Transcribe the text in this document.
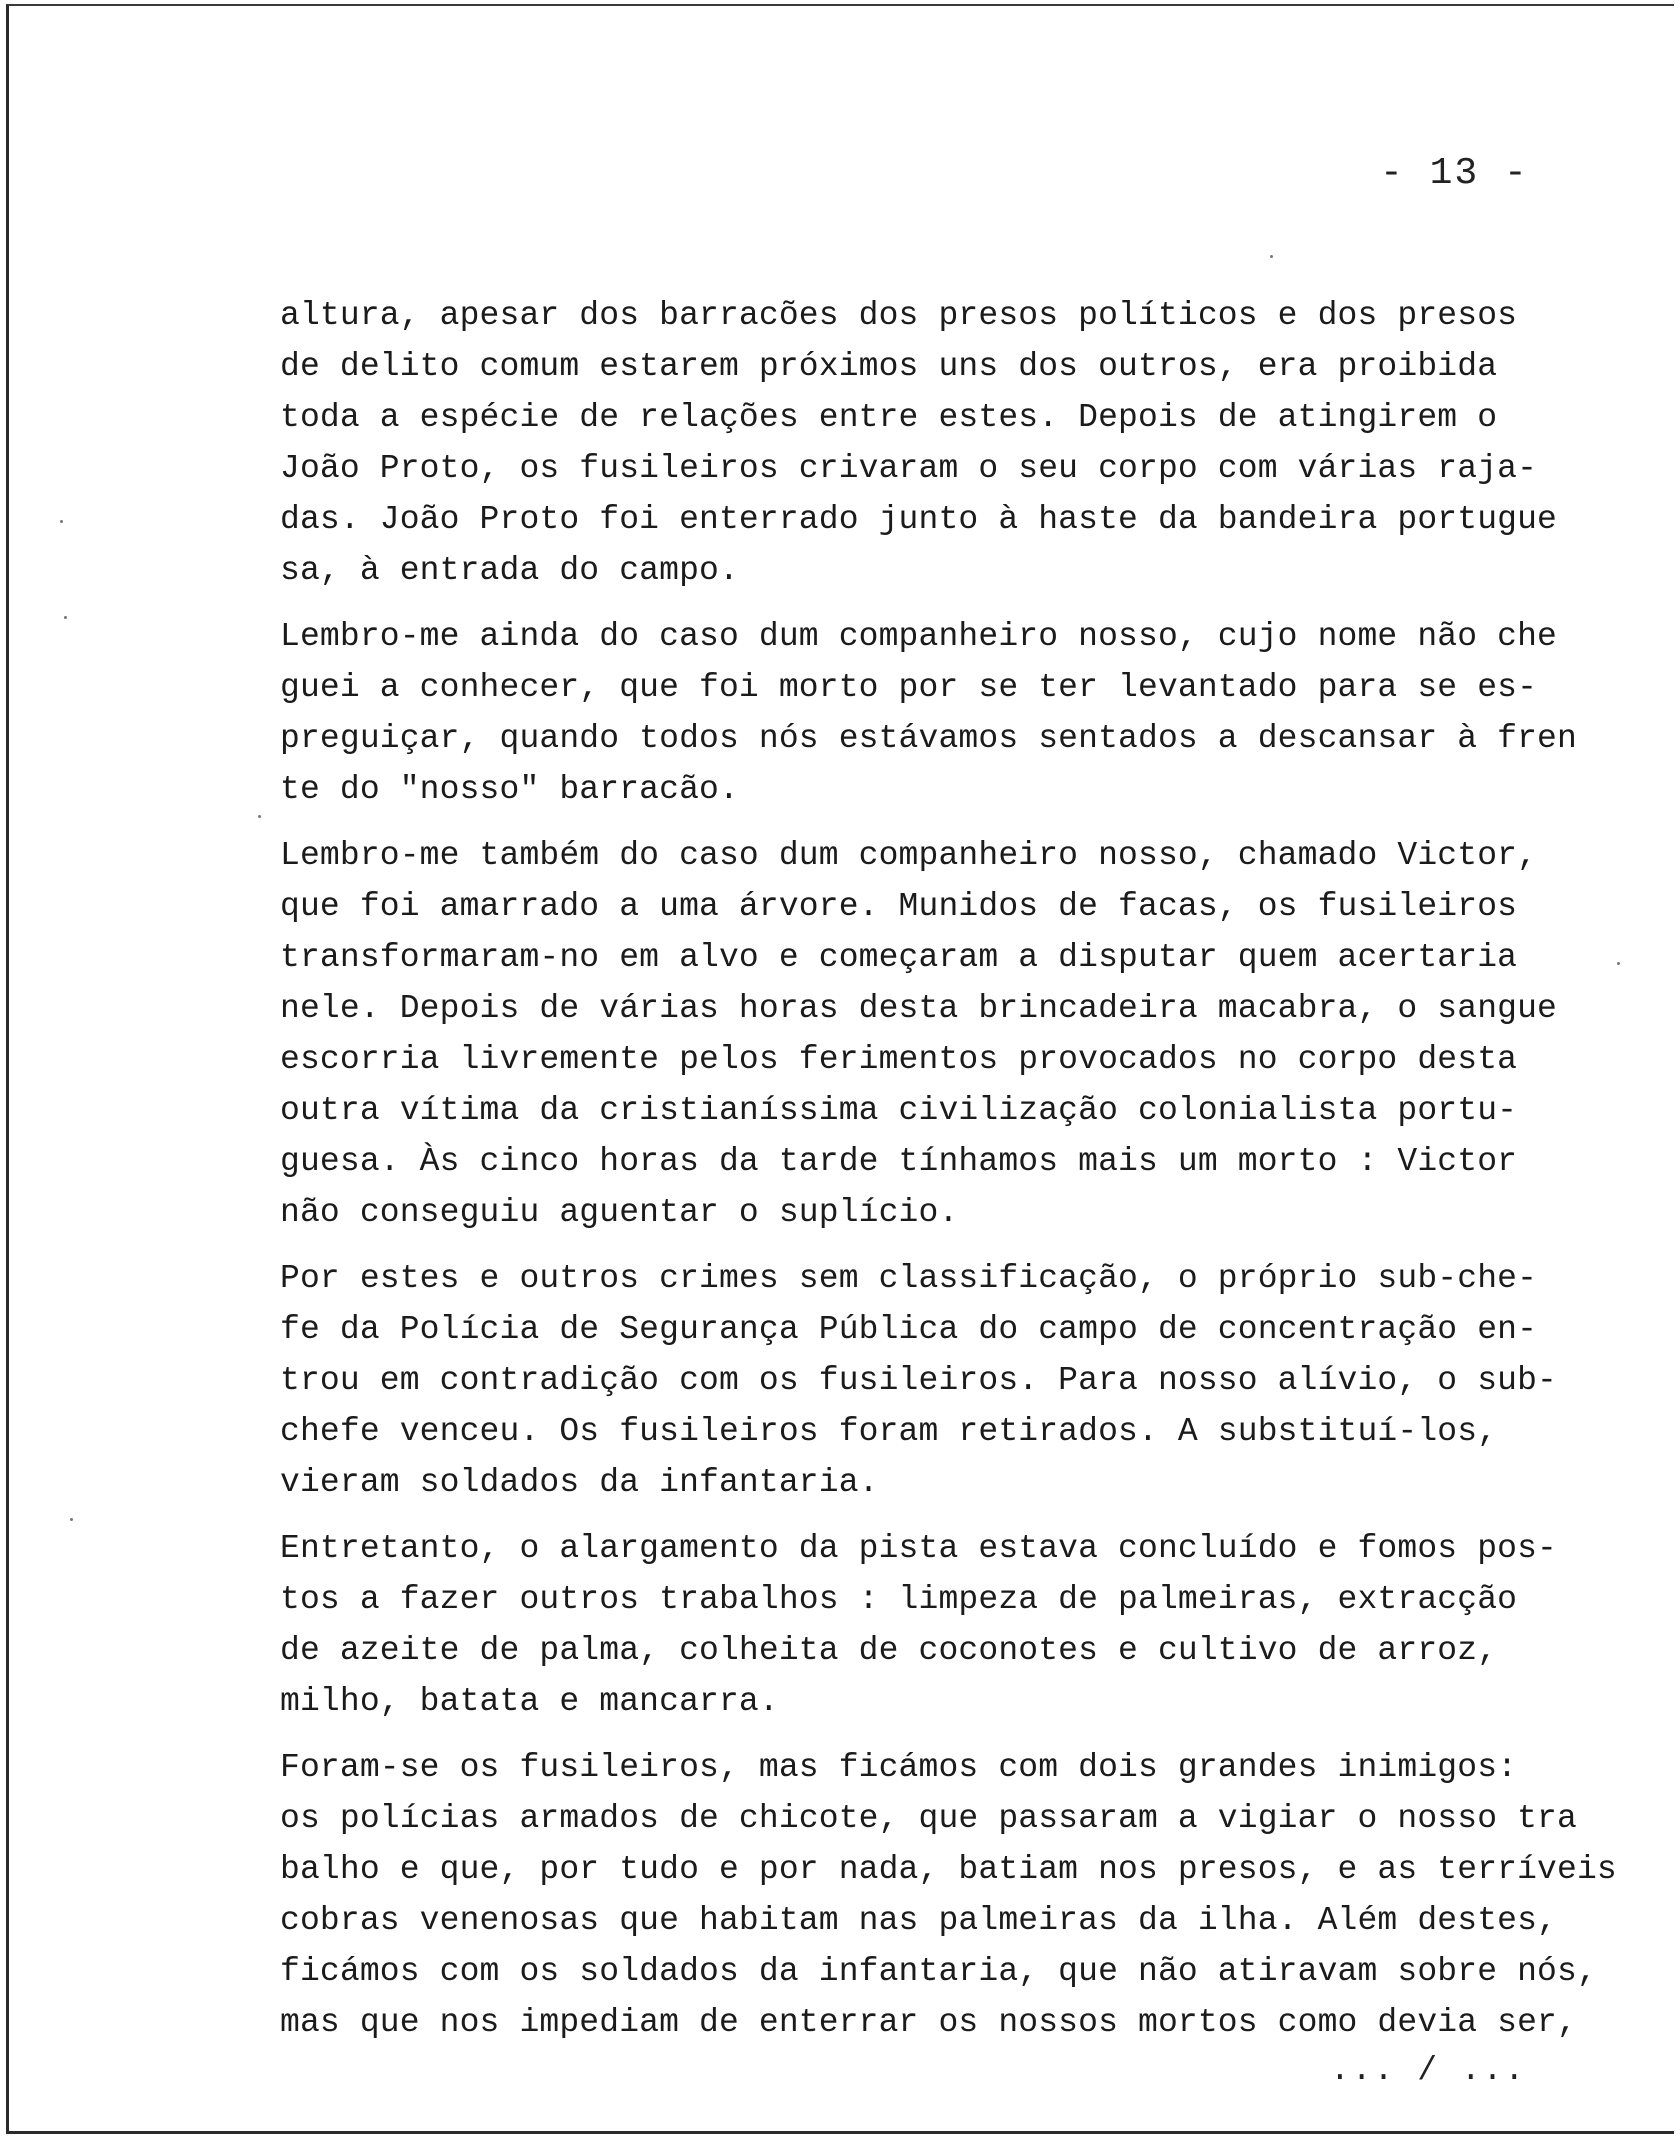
- 13 -
altura, apesar dos barracões dos presos políticos e dos presos
de delito comum estarem próximos uns dos outros, era proibida
toda a espécie de relações entre estes. Depois de atingirem o
João Proto, os fusileiros crivaram o seu corpo com várias raja-
das. João Proto foi enterrado junto à haste da bandeira portugue
sa, à entrada do campo.
Lembro-me ainda do caso dum companheiro nosso, cujo nome não che
guei a conhecer, que foi morto por se ter levantado para se es-
preguiçar, quando todos nós estávamos sentados a descansar à fren
te do "nosso" barracão.
Lembro-me também do caso dum companheiro nosso, chamado Victor,
que foi amarrado a uma árvore. Munidos de facas, os fusileiros
transformaram-no em alvo e começaram a disputar quem acertaria
nele. Depois de várias horas desta brincadeira macabra, o sangue
escorria livremente pelos ferimentos provocados no corpo desta
outra vítima da cristianíssima civilização colonialista portu-
guesa. Às cinco horas da tarde tínhamos mais um morto : Victor
não conseguiu aguentar o suplício.
Por estes e outros crimes sem classificação, o próprio sub-che-
fe da Polícia de Segurança Pública do campo de concentração en-
trou em contradição com os fusileiros. Para nosso alívio, o sub-
chefe venceu. Os fusileiros foram retirados. A substituí-los,
vieram soldados da infantaria.
Entretanto, o alargamento da pista estava concluído e fomos pos-
tos a fazer outros trabalhos : limpeza de palmeiras, extracção
de azeite de palma, colheita de coconotes e cultivo de arroz,
milho, batata e mancarra.
Foram-se os fusileiros, mas ficámos com dois grandes inimigos:
os polícias armados de chicote, que passaram a vigiar o nosso tra
balho e que, por tudo e por nada, batiam nos presos, e as terríveis
cobras venenosas que habitam nas palmeiras da ilha. Além destes,
ficámos com os soldados da infantaria, que não atiravam sobre nós,
mas que nos impediam de enterrar os nossos mortos como devia ser,
... / ...
